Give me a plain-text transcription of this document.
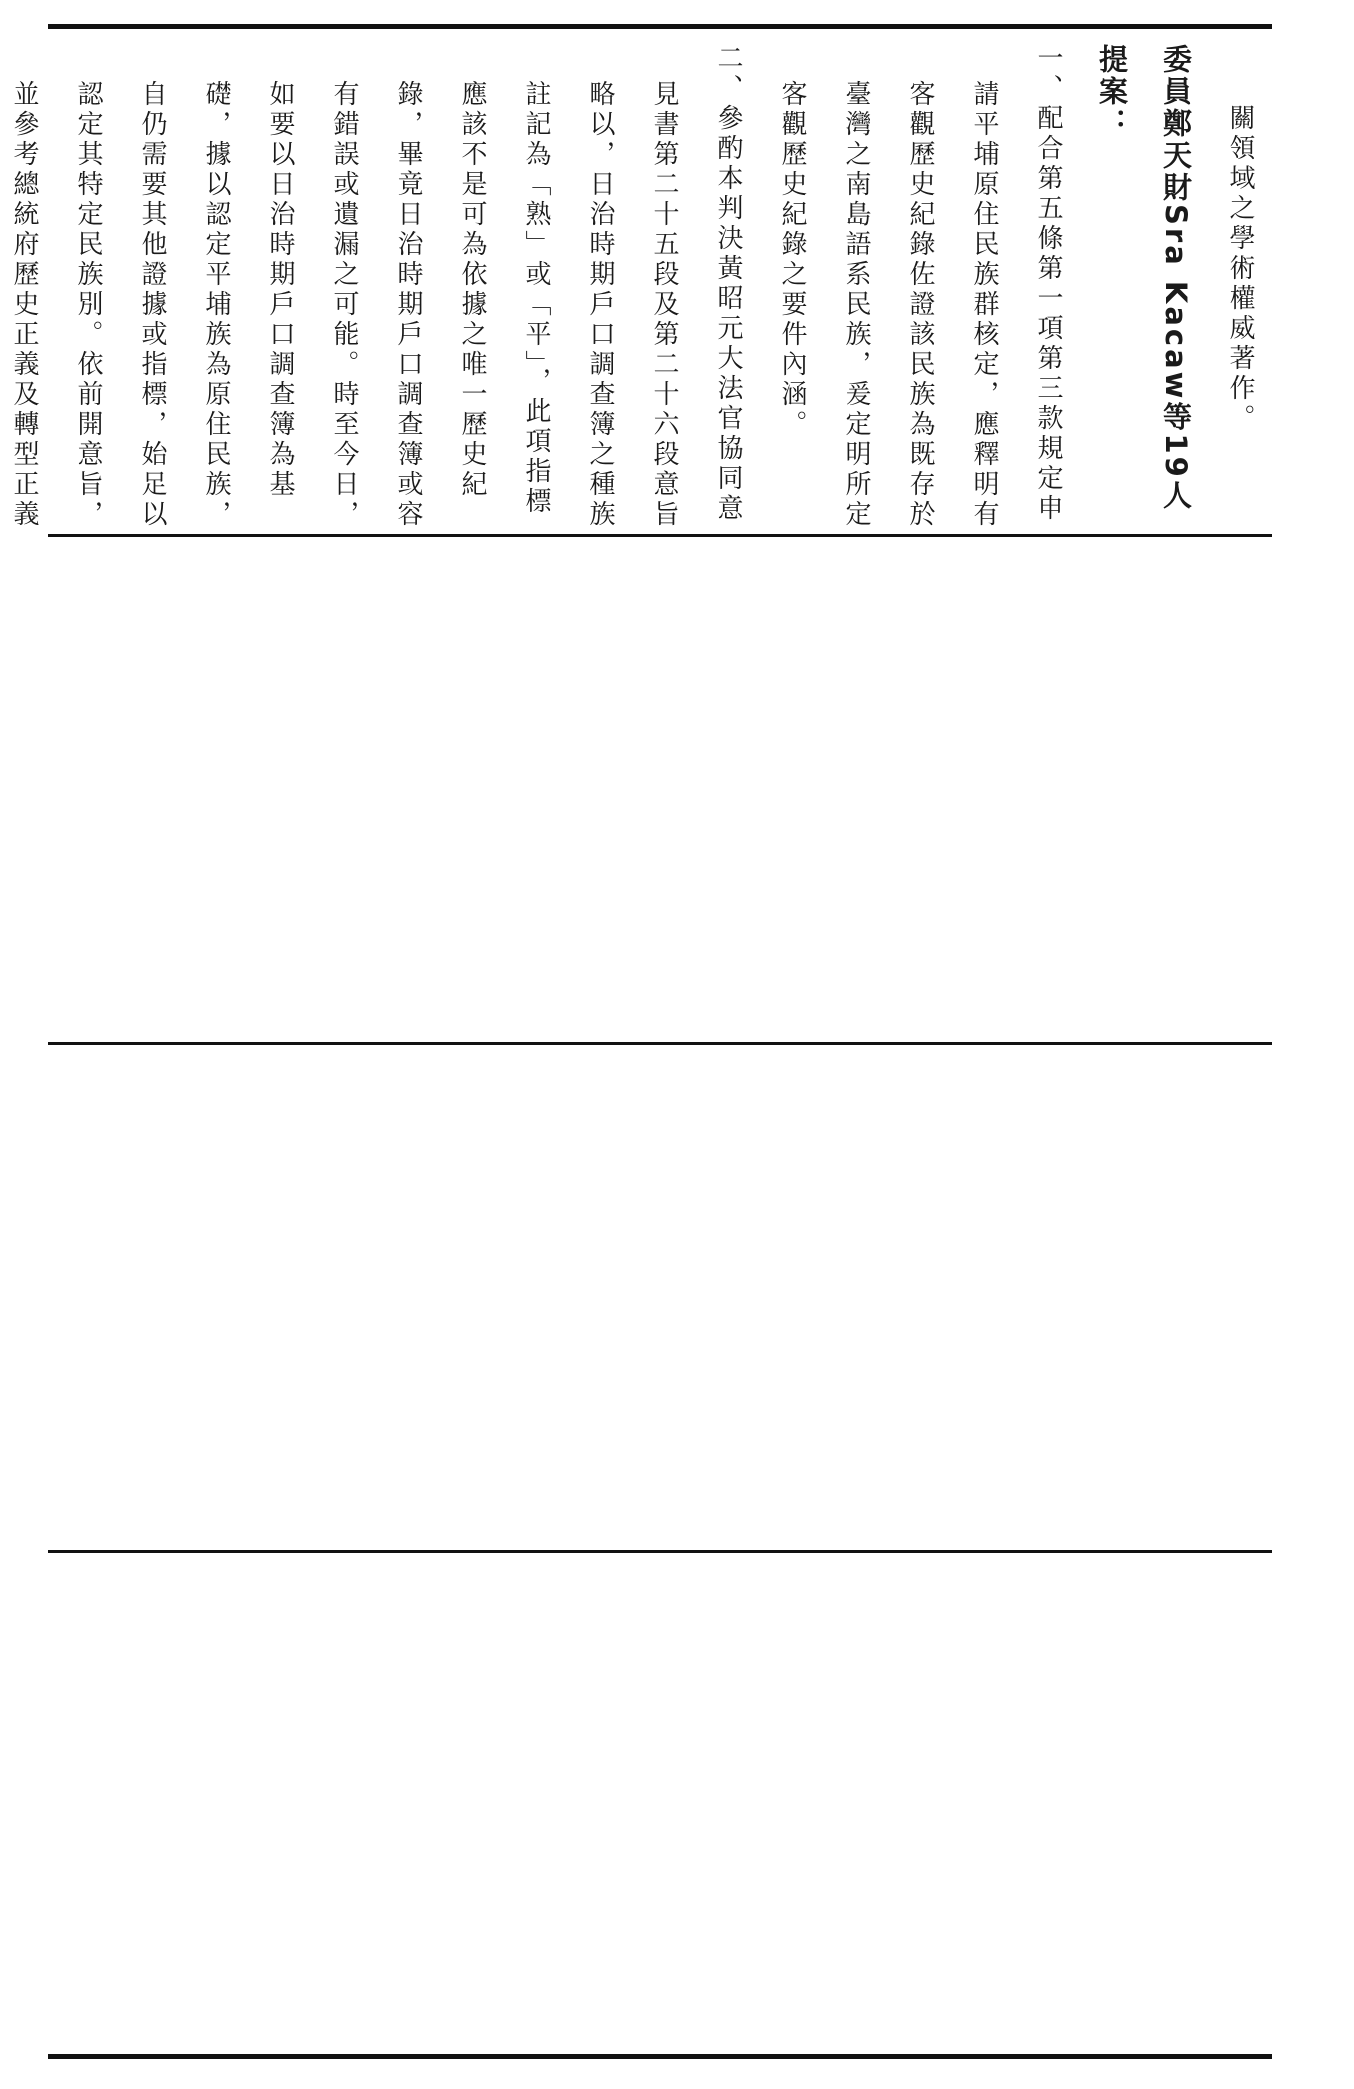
關領域之學術權威著作。

委員鄭天財Sra Kacaw等19人提案：

一、配合第五條第一項第三款規定申請平埔原住民族群核定，應釋明有客觀歷史紀錄佐證該民族為既存於臺灣之南島語系民族，爰定明所定客觀歷史紀錄之要件內涵。

二、參酌本判決黃昭元大法官協同意見書第二十五段及第二十六段意旨略以，日治時期戶口調查簿之種族註記為「熟」或「平」，此項指標應該不是可為依據之唯一歷史紀錄，畢竟日治時期戶口調查簿或容有錯誤或遺漏之可能。時至今日，如要以日治時期戶口調查簿為基礎，據以認定平埔族為原住民族，自仍需要其他證據或指標，始足以認定其特定民族別。依前開意旨，並參考總統府歷史正義及轉型正義
